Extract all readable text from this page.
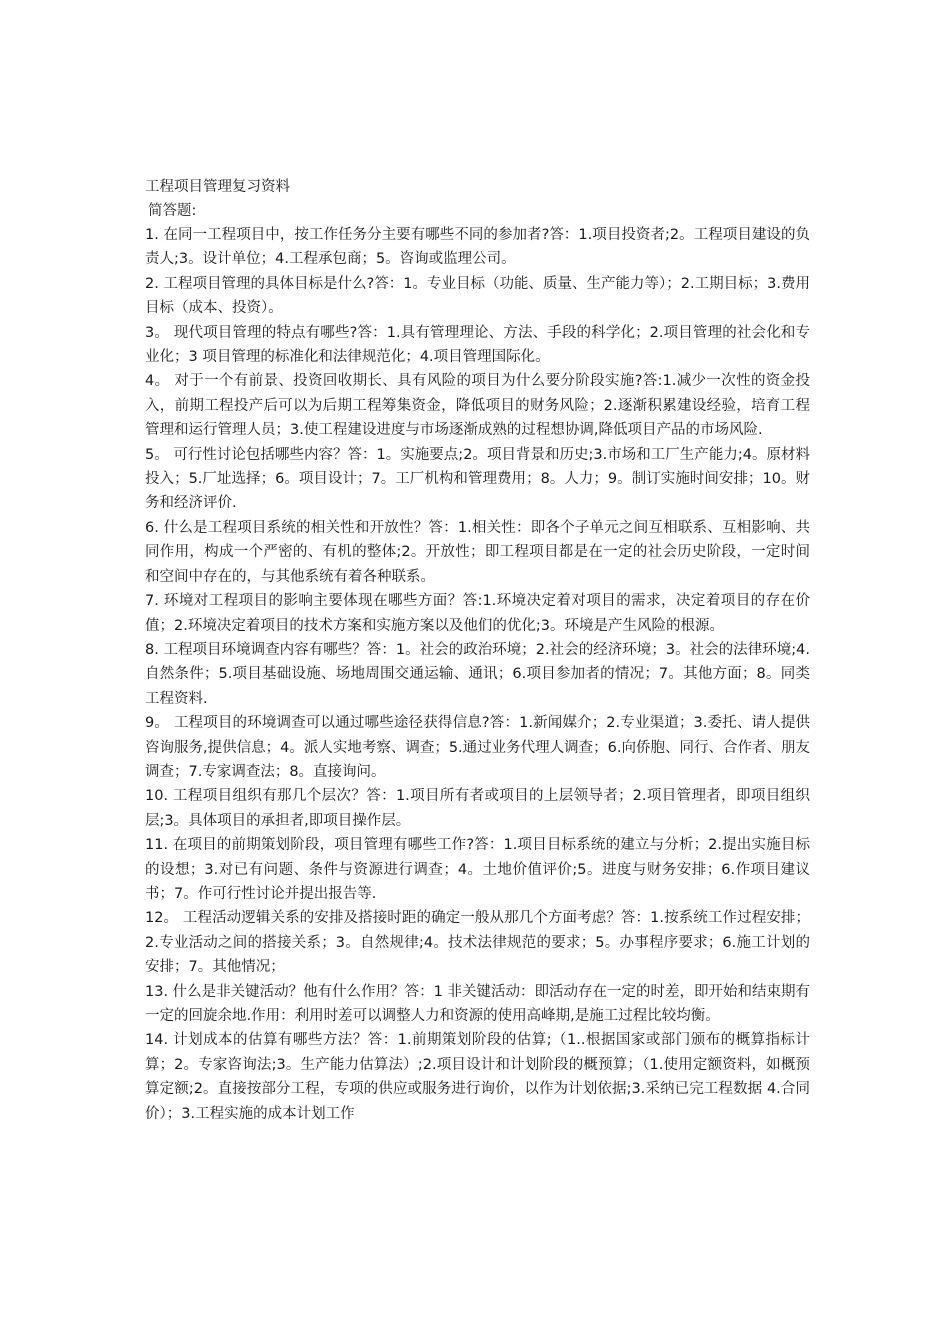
工程项目管理复习资料
简答题:
1. 在同一工程项目中，按工作任务分主要有哪些不同的参加者?答：1.项目投资者;2。工程项目建设的负责人;3。设计单位；4.工程承包商；5。咨询或监理公司。
2. 工程项目管理的具体目标是什么?答：1。专业目标（功能、质量、生产能力等）；2.工期目标；3.费用目标（成本、投资）。
3。 现代项目管理的特点有哪些?答：1.具有管理理论、方法、手段的科学化；2.项目管理的社会化和专业化；3 项目管理的标准化和法律规范化；4.项目管理国际化。
4。 对于一个有前景、投资回收期长、具有风险的项目为什么要分阶段实施?答:1.减少一次性的资金投入，前期工程投产后可以为后期工程筹集资金，降低项目的财务风险；2.逐渐积累建设经验，培育工程管理和运行管理人员；3.使工程建设进度与市场逐渐成熟的过程想协调,降低项目产品的市场风险.
5。 可行性讨论包括哪些内容？答：1。实施要点;2。项目背景和历史;3.市场和工厂生产能力;4。原材料投入；5.厂址选择；6。项目设计；7。工厂机构和管理费用；8。人力；9。制订实施时间安排；10。财务和经济评价.
6. 什么是工程项目系统的相关性和开放性？答：1.相关性：即各个子单元之间互相联系、互相影响、共同作用，构成一个严密的、有机的整体;2。开放性；即工程项目都是在一定的社会历史阶段，一定时间和空间中存在的，与其他系统有着各种联系。
7. 环境对工程项目的影响主要体现在哪些方面？答:1.环境决定着对项目的需求，决定着项目的存在价值；2.环境决定着项目的技术方案和实施方案以及他们的优化;3。环境是产生风险的根源。
8. 工程项目环境调查内容有哪些？答：1。社会的政治环境；2.社会的经济环境；3。社会的法律环境;4.自然条件；5.项目基础设施、场地周围交通运输、通讯；6.项目参加者的情况；7。其他方面；8。同类工程资料.
9。 工程项目的环境调查可以通过哪些途径获得信息?答：1.新闻媒介；2.专业渠道；3.委托、请人提供咨询服务,提供信息；4。派人实地考察、调查；5.通过业务代理人调查；6.向侨胞、同行、合作者、朋友调查；7.专家调查法；8。直接询问。
10. 工程项目组织有那几个层次？答：1.项目所有者或项目的上层领导者；2.项目管理者，即项目组织层;3。具体项目的承担者,即项目操作层。
11. 在项目的前期策划阶段，项目管理有哪些工作?答：1.项目目标系统的建立与分析；2.提出实施目标的设想；3.对已有问题、条件与资源进行调查；4。土地价值评价;5。进度与财务安排；6.作项目建议书；7。作可行性讨论并提出报告等.
12。 工程活动逻辑关系的安排及搭接时距的确定一般从那几个方面考虑？答：1.按系统工作过程安排；2.专业活动之间的搭接关系；3。自然规律;4。技术法律规范的要求；5。办事程序要求；6.施工计划的安排；7。其他情况；
13. 什么是非关键活动？他有什么作用？答：1 非关键活动：即活动存在一定的时差，即开始和结束期有一定的回旋余地.作用：利用时差可以调整人力和资源的使用高峰期,是施工过程比较均衡。
14. 计划成本的估算有哪些方法？答：1.前期策划阶段的估算;（1..根据国家或部门颁布的概算指标计算；2。专家咨询法;3。生产能力估算法）;2.项目设计和计划阶段的概预算；（1.使用定额资料，如概预算定额;2。直接按部分工程，专项的供应或服务进行询价，以作为计划依据;3.采纳已完工程数据 4.合同价）；3.工程实施的成本计划工作
